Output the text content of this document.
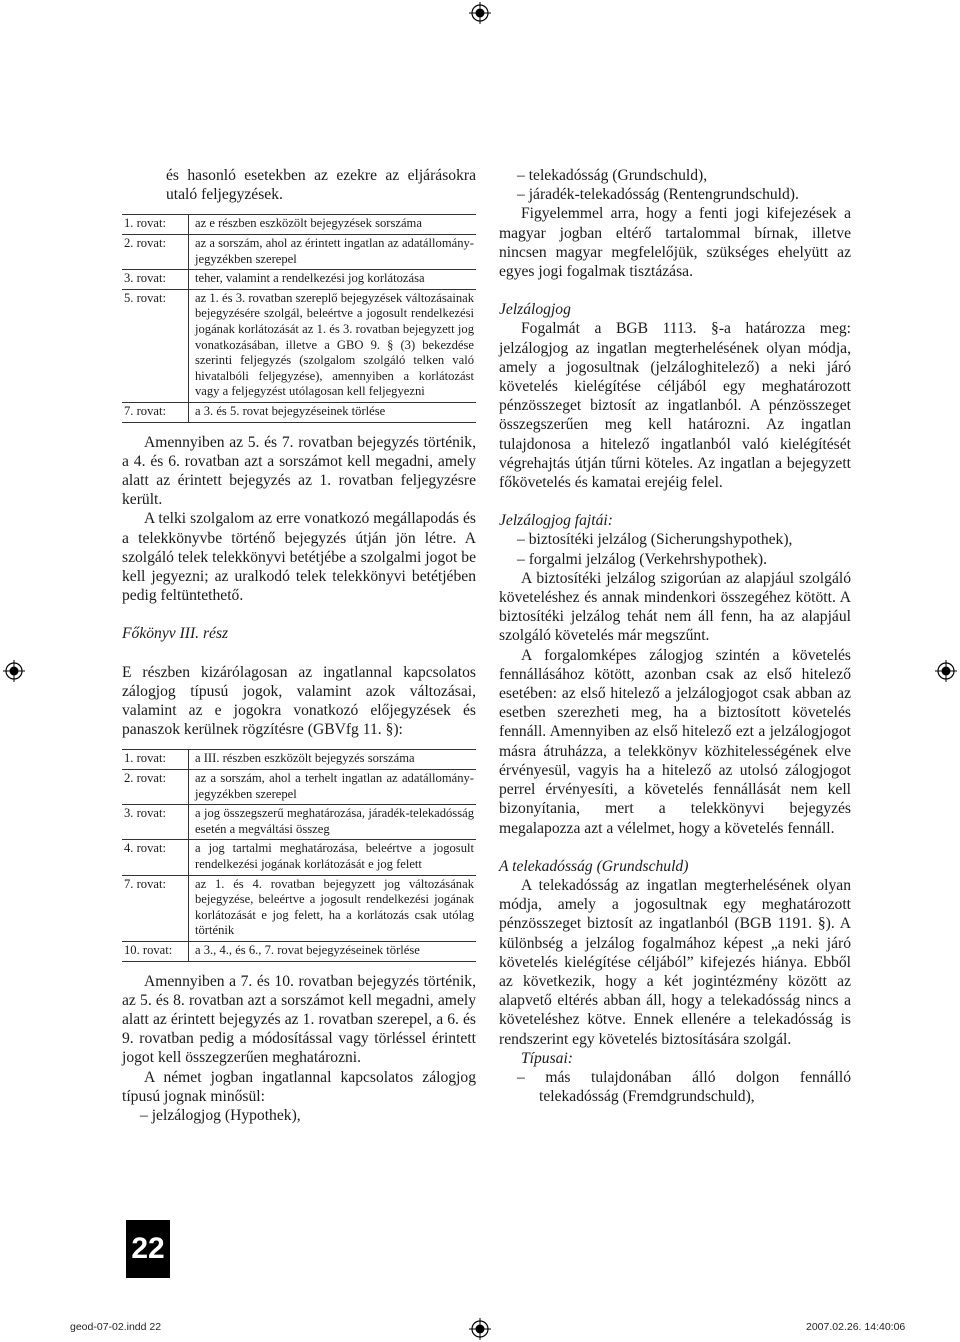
és hasonló esetekben az ezekre az eljárásokra utaló feljegyzések.

1. rovat:	az e részben eszközölt bejegyzések sorszáma
2. rovat:	az a sorszám, ahol az érintett ingatlan az adatállomány-jegyzékben szerepel
3. rovat:	teher, valamint a rendelkezési jog korlátozása
5. rovat:	az 1. és 3. rovatban szereplő bejegyzések változásainak bejegyzésére szolgál, beleértve a jogosult rendelkezési jogának korlátozását az 1. és 3. rovatban bejegyzett jog vonatkozásában, illetve a GBO 9. § (3) bekezdése szerinti feljegyzés (szolgalom szolgáló telken való hivatalbóli feljegyzése), amennyiben a korlátozást vagy a feljegyzést utólagosan kell feljegyezni
7. rovat:	a 3. és 5. rovat bejegyzéseinek törlése

Amennyiben az 5. és 7. rovatban bejegyzés történik, a 4. és 6. rovatban azt a sorszámot kell megadni, amely alatt az érintett bejegyzés az 1. rovatban feljegyzésre került.

A telki szolgalom az erre vonatkozó megállapodás és a telekkönyvbe történő bejegyzés útján jön létre. A szolgáló telek telekkönyvi betétjébe a szolgalmi jogot be kell jegyezni; az uralkodó telek telekkönyvi betétjében pedig feltüntethető.

Főkönyv III. rész

E részben kizárólagosan az ingatlannal kapcsolatos zálogjog típusú jogok, valamint azok változásai, valamint az e jogokra vonatkozó előjegyzések és panaszok kerülnek rögzítésre (GBVfg 11. §):

1. rovat:	a III. részben eszközölt bejegyzés sorszáma
2. rovat:	az a sorszám, ahol a terhelt ingatlan az adatállomány-jegyzékben szerepel
3. rovat:	a jog összegszerű meghatározása, járadék-telekadósság esetén a megváltási összeg
4. rovat:	a jog tartalmi meghatározása, beleértve a jogosult rendelkezési jogának korlátozását e jog felett
7. rovat:	az 1. és 4. rovatban bejegyzett jog változásának bejegyzése, beleértve a jogosult rendelkezési jogának korlátozását e jog felett, ha a korlátozás csak utólag történik
10. rovat:	a 3., 4., és 6., 7. rovat bejegyzéseinek törlése

Amennyiben a 7. és 10. rovatban bejegyzés történik, az 5. és 8. rovatban azt a sorszámot kell megadni, amely alatt az érintett bejegyzés az 1. rovatban szerepel, a 6. és 9. rovatban pedig a módosítással vagy törléssel érintett jogot kell összegzerűen meghatározni.

A német jogban ingatlannal kapcsolatos zálogjog típusú jognak minősül:

– jelzálogjog (Hypothek),

– telekadósság (Grundschuld),

– járadék-telekadósság (Rentengrundschuld).

Figyelemmel arra, hogy a fenti jogi kifejezések a magyar jogban eltérő tartalommal bírnak, illetve nincsen magyar megfelelőjük, szükséges ehelyütt az egyes jogi fogalmak tisztázása.

Jelzálogjog

Fogalmát a BGB 1113. §-a határozza meg: jelzálogjog az ingatlan megterhelésének olyan módja, amely a jogosultnak (jelzáloghitelező) a neki járó követelés kielégítése céljából egy meghatározott pénzösszeget biztosít az ingatlanból. A pénzösszeget összegszerűen meg kell határozni. Az ingatlan tulajdonosa a hitelező ingatlanból való kielégítését végrehajtás útján tűrni köteles. Az ingatlan a bejegyzett főkövetelés és kamatai erejéig felel.

Jelzálogjog fajtái:

– biztosítéki jelzálog (Sicherungshypothek),

– forgalmi jelzálog (Verkehrshypothek).

A biztosítéki jelzálog szigorúan az alapjául szolgáló követeléshez és annak mindenkori összegéhez kötött. A biztosítéki jelzálog tehát nem áll fenn, ha az alapjául szolgáló követelés már megszűnt.

A forgalomképes zálogjog szintén a követelés fennállásához kötött, azonban csak az első hitelező esetében: az első hitelező a jelzálogjogot csak abban az esetben szerezheti meg, ha a biztosított követelés fennáll. Amennyiben az első hitelező ezt a jelzálogjogot másra átruházza, a telekkönyv közhitelességének elve érvényesül, vagyis ha a hitelező az utolsó zálogjogot perrel érvényesíti, a követelés fennállását nem kell bizonyítania, mert a telekkönyvi bejegyzés megalapozza azt a vélelmet, hogy a követelés fennáll.

A telekadósság (Grundschuld)

A telekadósság az ingatlan megterhelésének olyan módja, amely a jogosultnak egy meghatározott pénzösszeget biztosít az ingatlanból (BGB 1191. §). A különbség a jelzálog fogalmához képest „a neki járó követelés kielégítése céljából” kifejezés hiánya. Ebből az következik, hogy a két jogintézmény között az alapvető eltérés abban áll, hogy a telekadósság nincs a követeléshez kötve. Ennek ellenére a telekadósság is rendszerint egy követelés biztosítására szolgál.

Típusai:

– más tulajdonában álló dolgon fennálló telekadósság (Fremdgrundschuld),

22
geod-07-02.indd 22	2007.02.26. 14:40:06
